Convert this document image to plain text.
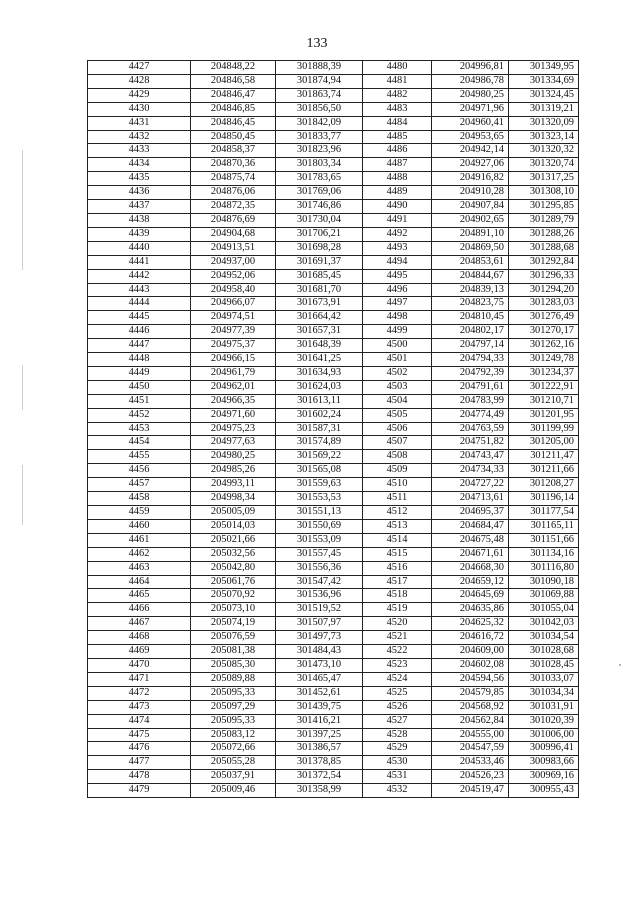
133
4427	204848,22	301888,39	4480	204996,81	301349,95
4428	204846,58	301874,94	4481	204986,78	301334,69
4429	204846,47	301863,74	4482	204980,25	301324,45
4430	204846,85	301856,50	4483	204971,96	301319,21
4431	204846,45	301842,09	4484	204960,41	301320,09
4432	204850,45	301833,77	4485	204953,65	301323,14
4433	204858,37	301823,96	4486	204942,14	301320,32
4434	204870,36	301803,34	4487	204927,06	301320,74
4435	204875,74	301783,65	4488	204916,82	301317,25
4436	204876,06	301769,06	4489	204910,28	301308,10
4437	204872,35	301746,86	4490	204907,84	301295,85
4438	204876,69	301730,04	4491	204902,65	301289,79
4439	204904,68	301706,21	4492	204891,10	301288,26
4440	204913,51	301698,28	4493	204869,50	301288,68
4441	204937,00	301691,37	4494	204853,61	301292,84
4442	204952,06	301685,45	4495	204844,67	301296,33
4443	204958,40	301681,70	4496	204839,13	301294,20
4444	204966,07	301673,91	4497	204823,75	301283,03
4445	204974,51	301664,42	4498	204810,45	301276,49
4446	204977,39	301657,31	4499	204802,17	301270,17
4447	204975,37	301648,39	4500	204797,14	301262,16
4448	204966,15	301641,25	4501	204794,33	301249,78
4449	204961,79	301634,93	4502	204792,39	301234,37
4450	204962,01	301624,03	4503	204791,61	301222,91
4451	204966,35	301613,11	4504	204783,99	301210,71
4452	204971,60	301602,24	4505	204774,49	301201,95
4453	204975,23	301587,31	4506	204763,59	301199,99
4454	204977,63	301574,89	4507	204751,82	301205,00
4455	204980,25	301569,22	4508	204743,47	301211,47
4456	204985,26	301565,08	4509	204734,33	301211,66
4457	204993,11	301559,63	4510	204727,22	301208,27
4458	204998,34	301553,53	4511	204713,61	301196,14
4459	205005,09	301551,13	4512	204695,37	301177,54
4460	205014,03	301550,69	4513	204684,47	301165,11
4461	205021,66	301553,09	4514	204675,48	301151,66
4462	205032,56	301557,45	4515	204671,61	301134,16
4463	205042,80	301556,36	4516	204668,30	301116,80
4464	205061,76	301547,42	4517	204659,12	301090,18
4465	205070,92	301536,96	4518	204645,69	301069,88
4466	205073,10	301519,52	4519	204635,86	301055,04
4467	205074,19	301507,97	4520	204625,32	301042,03
4468	205076,59	301497,73	4521	204616,72	301034,54
4469	205081,38	301484,43	4522	204609,00	301028,68
4470	205085,30	301473,10	4523	204602,08	301028,45
4471	205089,88	301465,47	4524	204594,56	301033,07
4472	205095,33	301452,61	4525	204579,85	301034,34
4473	205097,29	301439,75	4526	204568,92	301031,91
4474	205095,33	301416,21	4527	204562,84	301020,39
4475	205083,12	301397,25	4528	204555,00	301006,00
4476	205072,66	301386,57	4529	204547,59	300996,41
4477	205055,28	301378,85	4530	204533,46	300983,66
4478	205037,91	301372,54	4531	204526,23	300969,16
4479	205009,46	301358,99	4532	204519,47	300955,43
